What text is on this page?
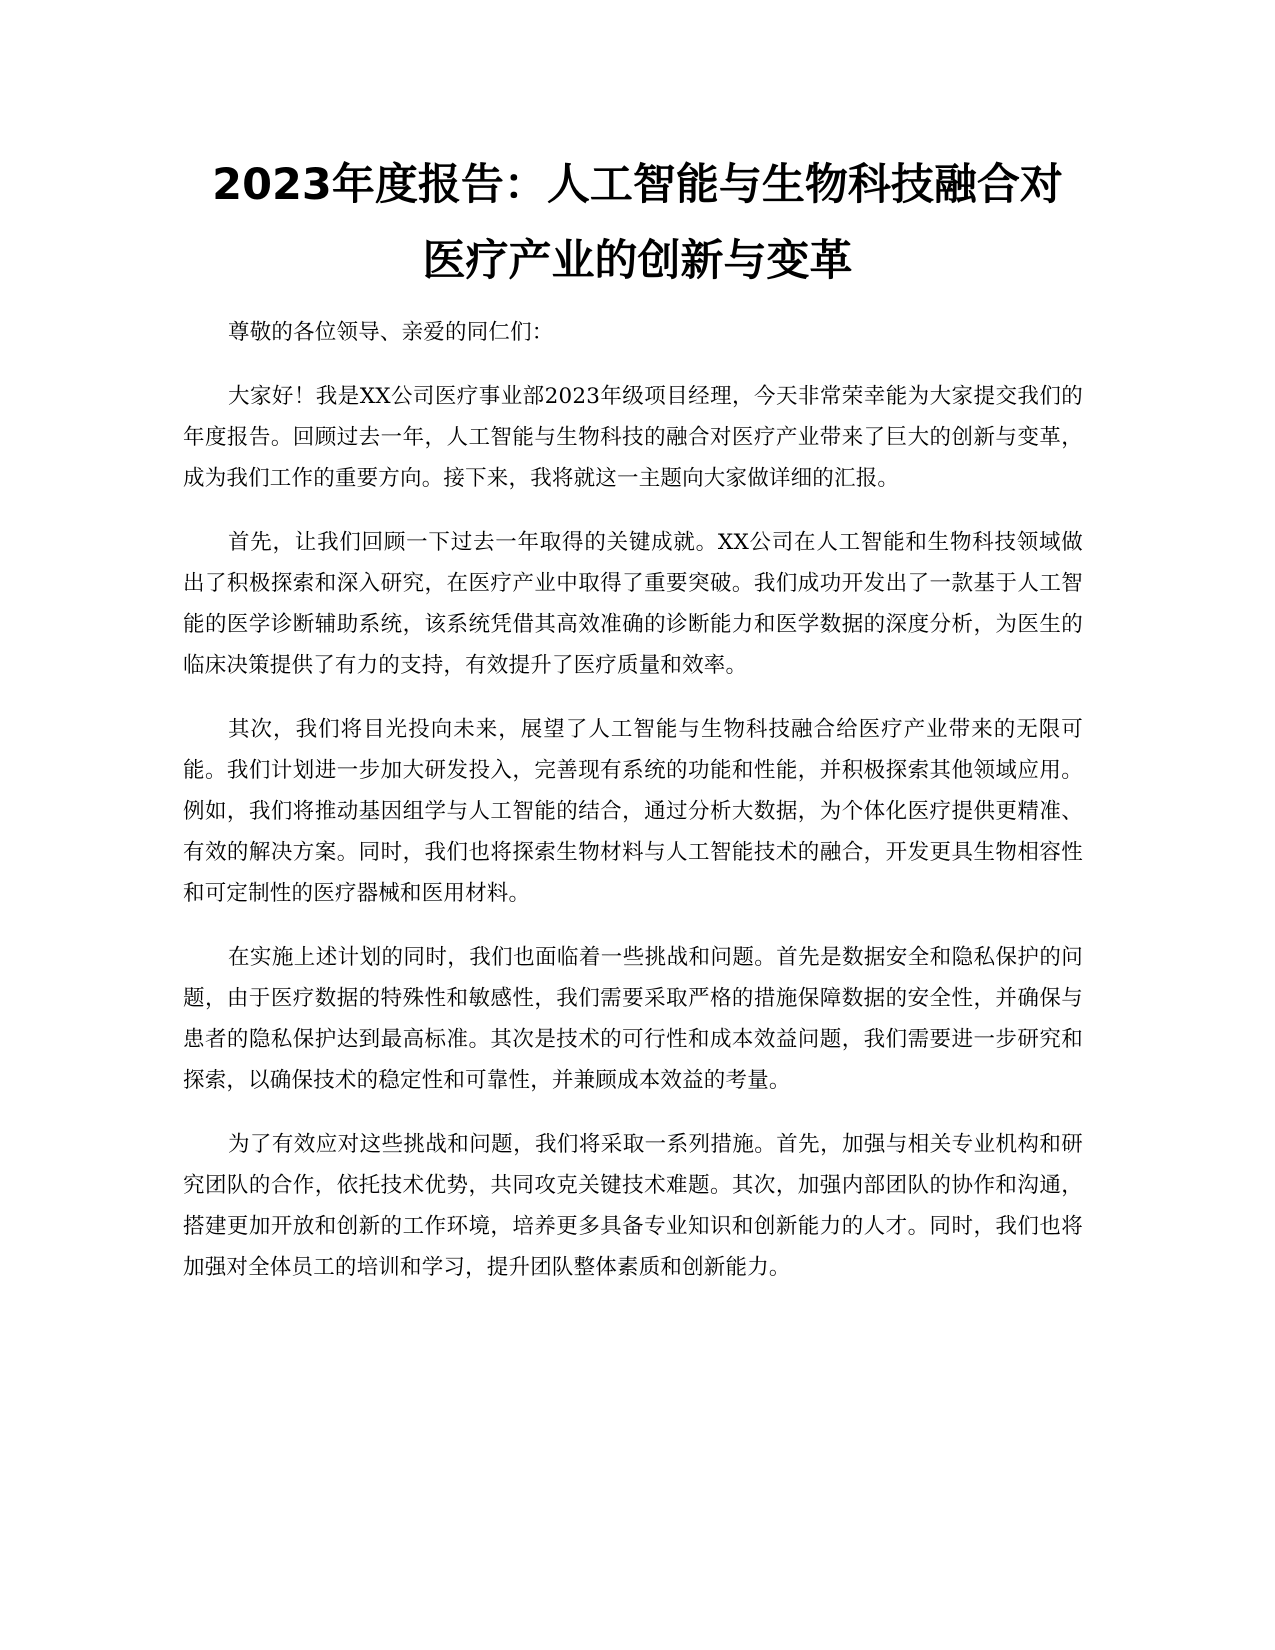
2023年度报告：人工智能与生物科技融合对
医疗产业的创新与变革

尊敬的各位领导、亲爱的同仁们：

大家好！我是XX公司医疗事业部2023年级项目经理，今天非常荣幸能为大家提交我们的年度报告。回顾过去一年，人工智能与生物科技的融合对医疗产业带来了巨大的创新与变革，成为我们工作的重要方向。接下来，我将就这一主题向大家做详细的汇报。

首先，让我们回顾一下过去一年取得的关键成就。XX公司在人工智能和生物科技领域做出了积极探索和深入研究，在医疗产业中取得了重要突破。我们成功开发出了一款基于人工智能的医学诊断辅助系统，该系统凭借其高效准确的诊断能力和医学数据的深度分析，为医生的临床决策提供了有力的支持，有效提升了医疗质量和效率。

其次，我们将目光投向未来，展望了人工智能与生物科技融合给医疗产业带来的无限可能。我们计划进一步加大研发投入，完善现有系统的功能和性能，并积极探索其他领域应用。例如，我们将推动基因组学与人工智能的结合，通过分析大数据，为个体化医疗提供更精准、有效的解决方案。同时，我们也将探索生物材料与人工智能技术的融合，开发更具生物相容性和可定制性的医疗器械和医用材料。

在实施上述计划的同时，我们也面临着一些挑战和问题。首先是数据安全和隐私保护的问题，由于医疗数据的特殊性和敏感性，我们需要采取严格的措施保障数据的安全性，并确保与患者的隐私保护达到最高标准。其次是技术的可行性和成本效益问题，我们需要进一步研究和探索，以确保技术的稳定性和可靠性，并兼顾成本效益的考量。

为了有效应对这些挑战和问题，我们将采取一系列措施。首先，加强与相关专业机构和研究团队的合作，依托技术优势，共同攻克关键技术难题。其次，加强内部团队的协作和沟通，搭建更加开放和创新的工作环境，培养更多具备专业知识和创新能力的人才。同时，我们也将加强对全体员工的培训和学习，提升团队整体素质和创新能力。
